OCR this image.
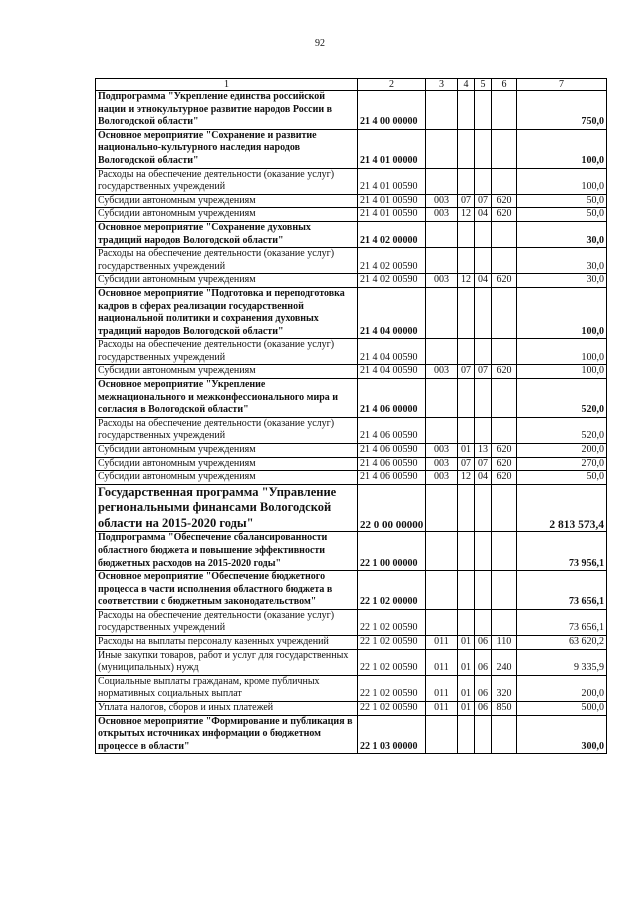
92
1	2	3	4	5	6	7
Подпрограмма "Укрепление единства российской нации и этнокультурное развитие народов России в Вологодской области"	21 4 00 00000					750,0
Основное мероприятие "Сохранение и развитие национально-культурного наследия народов Вологодской области"	21 4 01 00000					100,0
Расходы на обеспечение деятельности (оказание услуг) государственных учреждений	21 4 01 00590					100,0
Субсидии автономным учреждениям	21 4 01 00590	003	07	07	620	50,0
Субсидии автономным учреждениям	21 4 01 00590	003	12	04	620	50,0
Основное мероприятие "Сохранение духовных традиций народов Вологодской области"	21 4 02 00000					30,0
Расходы на обеспечение деятельности (оказание услуг) государственных учреждений	21 4 02 00590					30,0
Субсидии автономным учреждениям	21 4 02 00590	003	12	04	620	30,0
Основное мероприятие "Подготовка и переподготовка кадров в сферах реализации государственной национальной политики и сохранения духовных традиций народов Вологодской области"	21 4 04 00000					100,0
Расходы на обеспечение деятельности (оказание услуг) государственных учреждений	21 4 04 00590					100,0
Субсидии автономным учреждениям	21 4 04 00590	003	07	07	620	100,0
Основное мероприятие "Укрепление межнационального и межконфессионального мира и согласия в Вологодской области"	21 4 06 00000					520,0
Расходы на обеспечение деятельности (оказание услуг) государственных учреждений	21 4 06 00590					520,0
Субсидии автономным учреждениям	21 4 06 00590	003	01	13	620	200,0
Субсидии автономным учреждениям	21 4 06 00590	003	07	07	620	270,0
Субсидии автономным учреждениям	21 4 06 00590	003	12	04	620	50,0
Государственная программа "Управление региональными финансами Вологодской области на 2015-2020 годы"	22 0 00 00000					2 813 573,4
Подпрограмма "Обеспечение сбалансированности областного бюджета и повышение эффективности бюджетных расходов на 2015-2020 годы"	22 1 00 00000					73 956,1
Основное мероприятие "Обеспечение бюджетного процесса в части исполнения областного бюджета в соответствии с бюджетным законодательством"	22 1 02 00000					73 656,1
Расходы на обеспечение деятельности (оказание услуг) государственных учреждений	22 1 02 00590					73 656,1
Расходы на выплаты персоналу казенных учреждений	22 1 02 00590	011	01	06	110	63 620,2
Иные закупки товаров, работ и услуг для государственных (муниципальных) нужд	22 1 02 00590	011	01	06	240	9 335,9
Социальные выплаты гражданам, кроме публичных нормативных социальных выплат	22 1 02 00590	011	01	06	320	200,0
Уплата налогов, сборов и иных платежей	22 1 02 00590	011	01	06	850	500,0
Основное мероприятие "Формирование и публикация в открытых источниках информации о бюджетном процессе в области"	22 1 03 00000					300,0
